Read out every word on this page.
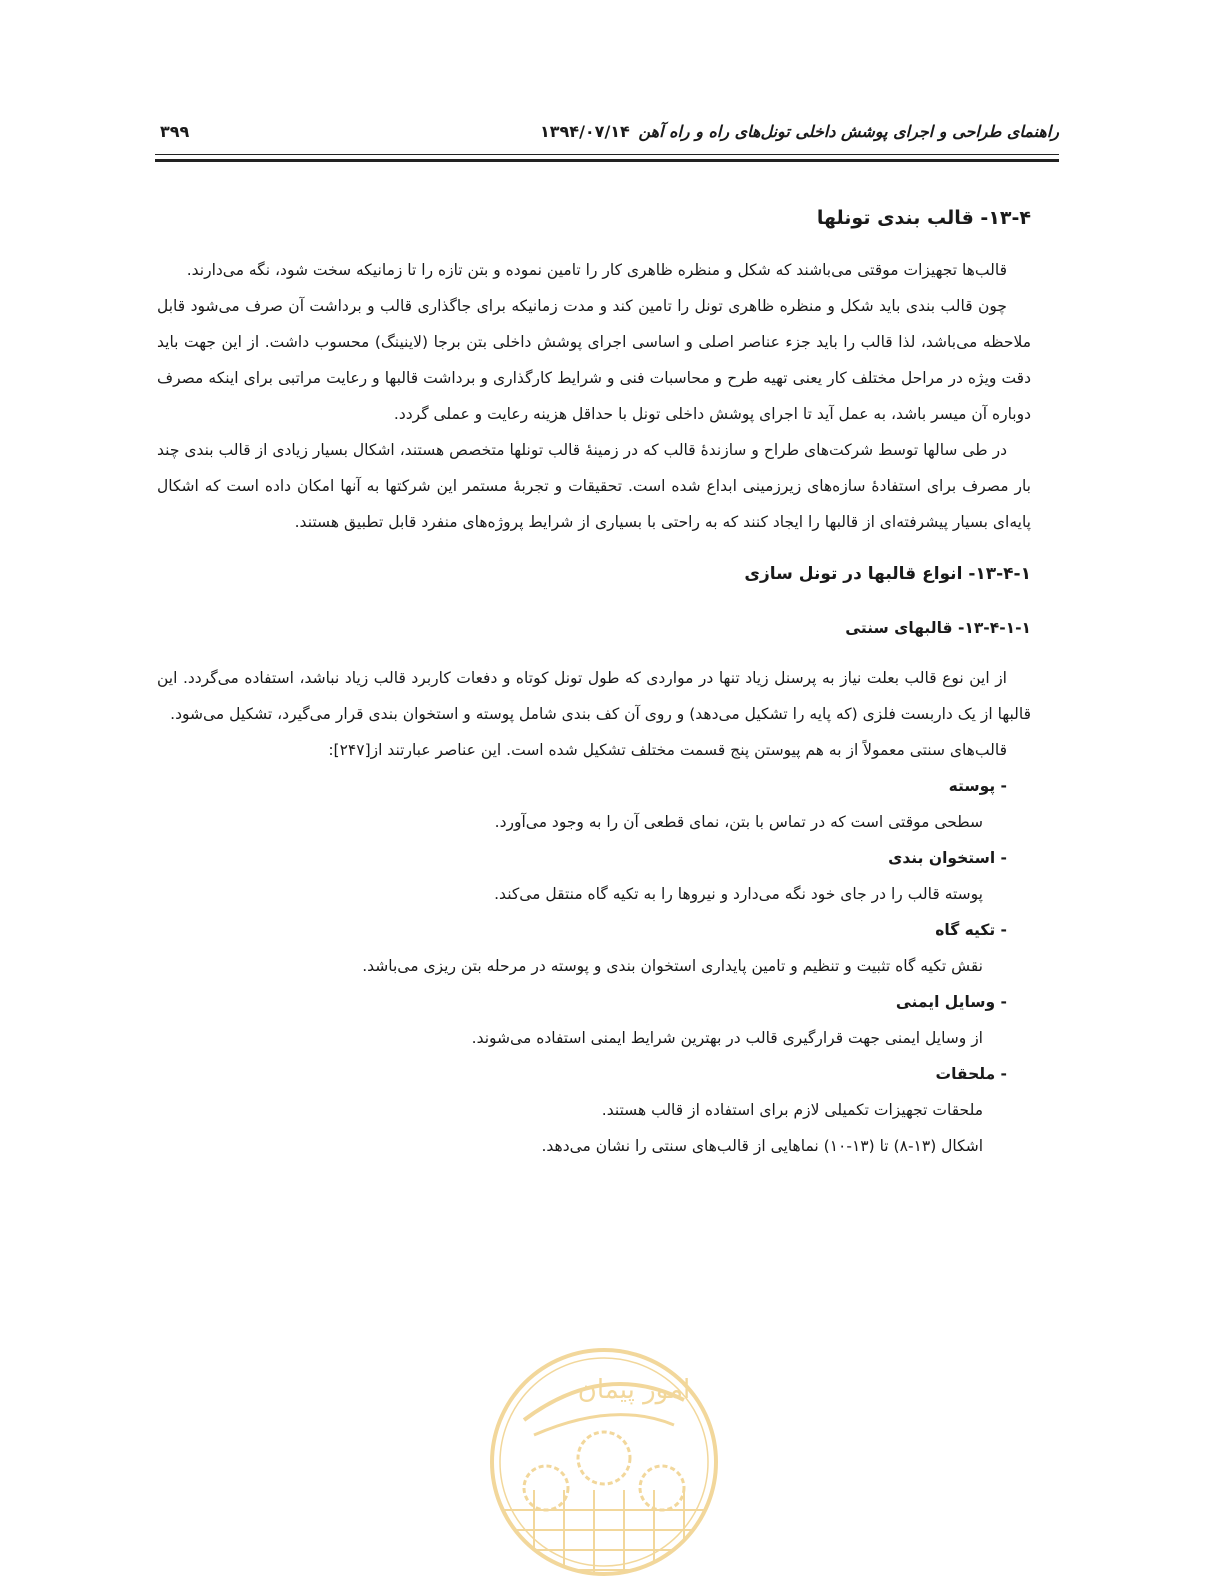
راهنمای طراحی و اجرای پوشش داخلی تونل‌های راه و راه آهن
۱۳۹۴/۰۷/۱۴
۳۹۹
۱۳-۴- قالب بندی تونلها

قالب‌ها تجهیزات موقتی می‌باشند که شکل و منظره ظاهری کار را تامین نموده و بتن تازه را تا زمانیکه سخت شود، نگه می‌دارند.

چون قالب بندی باید شکل و منظره ظاهری تونل را تامین کند و مدت زمانیکه برای جاگذاری قالب و برداشت آن صرف می‌شود قابل ملاحظه می‌باشد، لذا قالب را باید جزء عناصر اصلی و اساسی اجرای پوشش داخلی بتن برجا (لاینینگ) محسوب داشت. از این جهت باید دقت ویژه در مراحل مختلف کار یعنی تهیه طرح و محاسبات فنی و شرایط کارگذاری و برداشت قالبها و رعایت مراتبی برای اینکه مصرف دوباره آن میسر باشد، به عمل آید تا اجرای پوشش داخلی تونل با حداقل هزینه رعایت و عملی گردد.

در طی سالها توسط شرکت‌های طراح و سازندهٔ قالب که در زمینهٔ قالب تونلها متخصص هستند، اشکال بسیار زیادی از قالب بندی چند بار مصرف برای استفادهٔ سازه‌های زیرزمینی ابداع شده است. تحقیقات و تجربهٔ مستمر این شرکتها به آنها امکان داده است که اشکال پایه‌ای بسیار پیشرفته‌ای از قالبها را ایجاد کنند که به راحتی با بسیاری از شرایط پروژه‌های منفرد قابل تطبیق هستند.

۱۳-۴-۱- انواع قالبها در تونل سازی
۱۳-۴-۱-۱- قالبهای سنتی

از این نوع قالب بعلت نیاز به پرسنل زیاد تنها در مواردی که طول تونل کوتاه و دفعات کاربرد قالب زیاد نباشد، استفاده می‌گردد. این قالبها از یک داربست فلزی (که پایه را تشکیل می‌دهد) و روی آن کف بندی شامل پوسته و استخوان بندی قرار می‌گیرد، تشکیل می‌شود.

قالب‌های سنتی معمولاً از به هم پیوستن پنج قسمت مختلف تشکیل شده است. این عناصر عبارتند از[۲۴۷]:

- پوسته

سطحی موقتی است که در تماس با بتن، نمای قطعی آن را به وجود می‌آورد.

- استخوان بندی

پوسته قالب را در جای خود نگه می‌دارد و نیروها را به تکیه گاه منتقل می‌کند.

- تکیه گاه

نقش تکیه گاه تثبیت و تنظیم و تامین پایداری استخوان بندی و پوسته در مرحله بتن ریزی می‌باشد.

- وسایل ایمنی

از وسایل ایمنی جهت قرارگیری قالب در بهترین شرایط ایمنی استفاده می‌شوند.

- ملحقات

ملحقات تجهیزات تکمیلی لازم برای استفاده از قالب هستند.

اشکال (۱۳-۸) تا (۱۳-۱۰) نماهایی از قالب‌های سنتی را نشان می‌دهد.

امور پیمان
